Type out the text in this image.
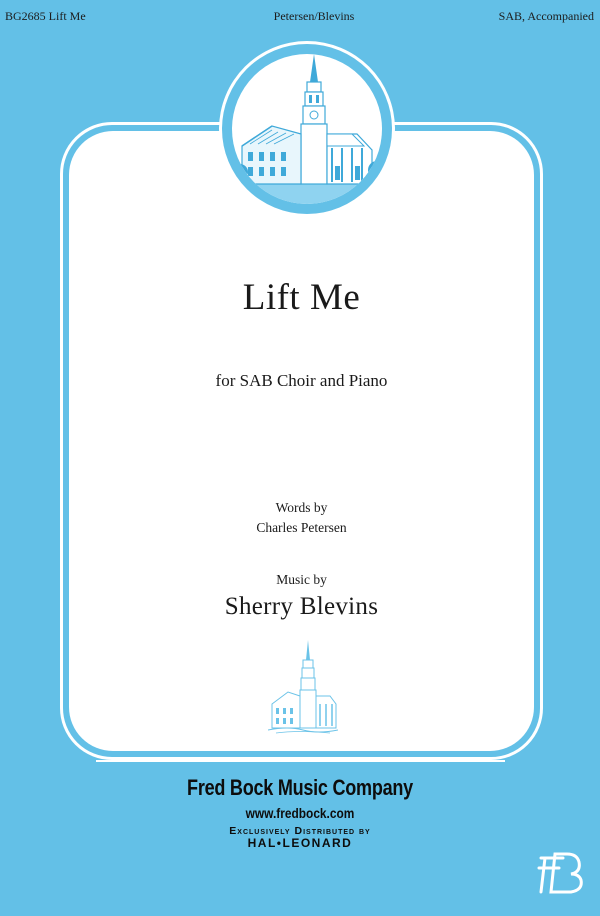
BG2685 Lift Me	Petersen/Blevins	SAB, Accompanied
Lift Me
for SAB Choir and Piano
Words by
Charles Petersen
Music by
Sherry Blevins
Fred Bock Music Company
www.fredbock.com
Exclusively Distributed by
HAL•LEONARD
